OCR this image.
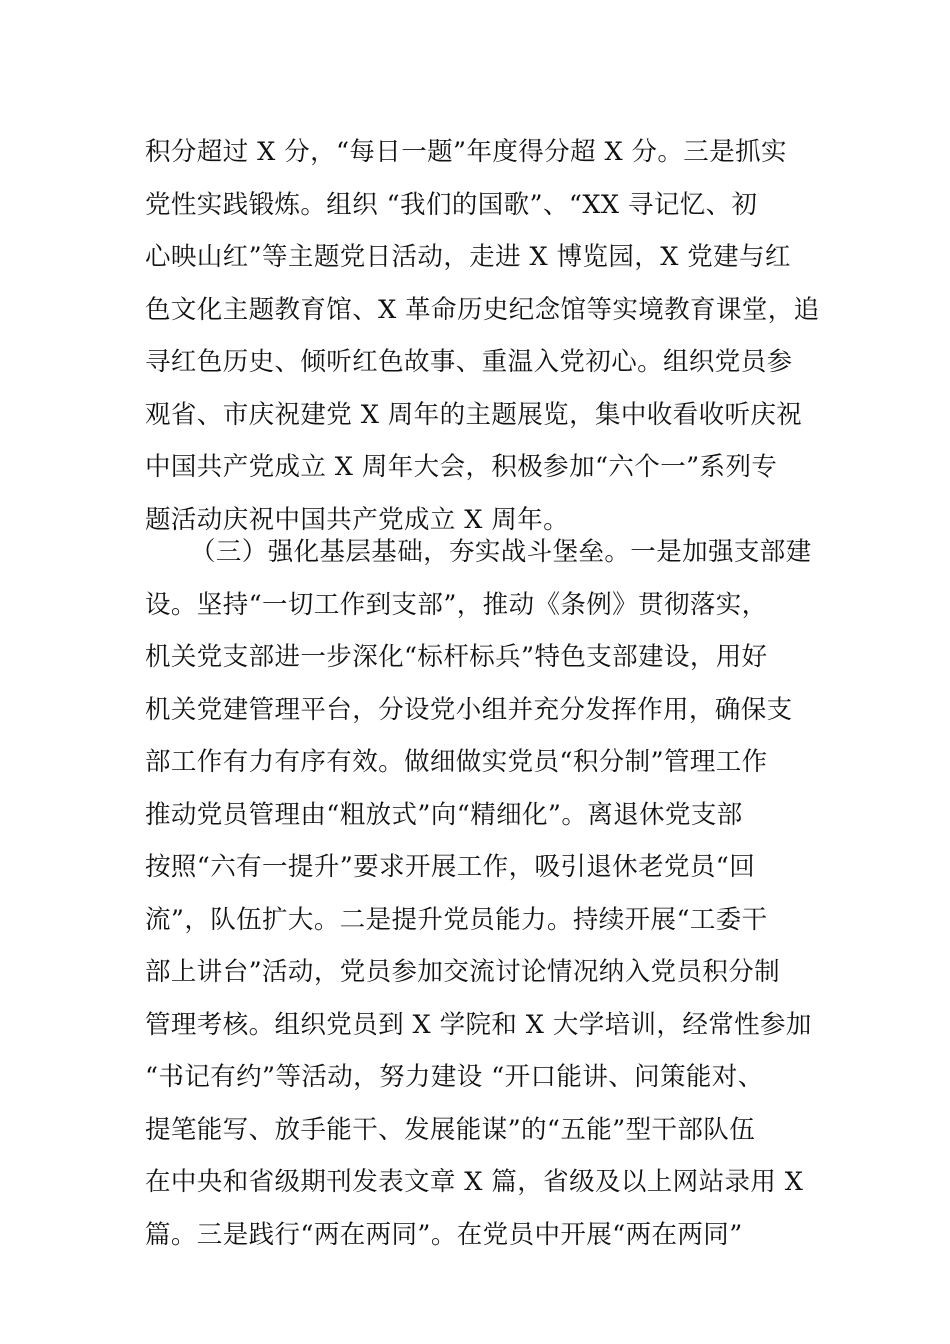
积分超过 X 分，“每日一题”年度得分超 X 分。三是抓实
党性实践锻炼。组织 “我们的国歌”、“XX 寻记忆、初
心映山红”等主题党日活动，走进 X 博览园，X 党建与红
色文化主题教育馆、X 革命历史纪念馆等实境教育课堂，追
寻红色历史、倾听红色故事、重温入党初心。组织党员参
观省、市庆祝建党 X 周年的主题展览，集中收看收听庆祝
中国共产党成立 X 周年大会，积极参加“六个一”系列专
题活动庆祝中国共产党成立 X 周年。
（三）强化基层基础，夯实战斗堡垒。一是加强支部建
设。坚持“一切工作到支部”，推动《条例》贯彻落实，
机关党支部进一步深化“标杆标兵”特色支部建设，用好
机关党建管理平台，分设党小组并充分发挥作用，确保支
部工作有力有序有效。做细做实党员“积分制”管理工作
推动党员管理由“粗放式”向“精细化”。离退休党支部
按照“六有一提升”要求开展工作，吸引退休老党员“回
流”，队伍扩大。二是提升党员能力。持续开展“工委干
部上讲台”活动，党员参加交流讨论情况纳入党员积分制
管理考核。组织党员到 X 学院和 X 大学培训，经常性参加
“书记有约”等活动，努力建设 “开口能讲、问策能对、
提笔能写、放手能干、发展能谋”的“五能”型干部队伍
在中央和省级期刊发表文章 X 篇，省级及以上网站录用 X
篇。三是践行“两在两同”。在党员中开展“两在两同”
